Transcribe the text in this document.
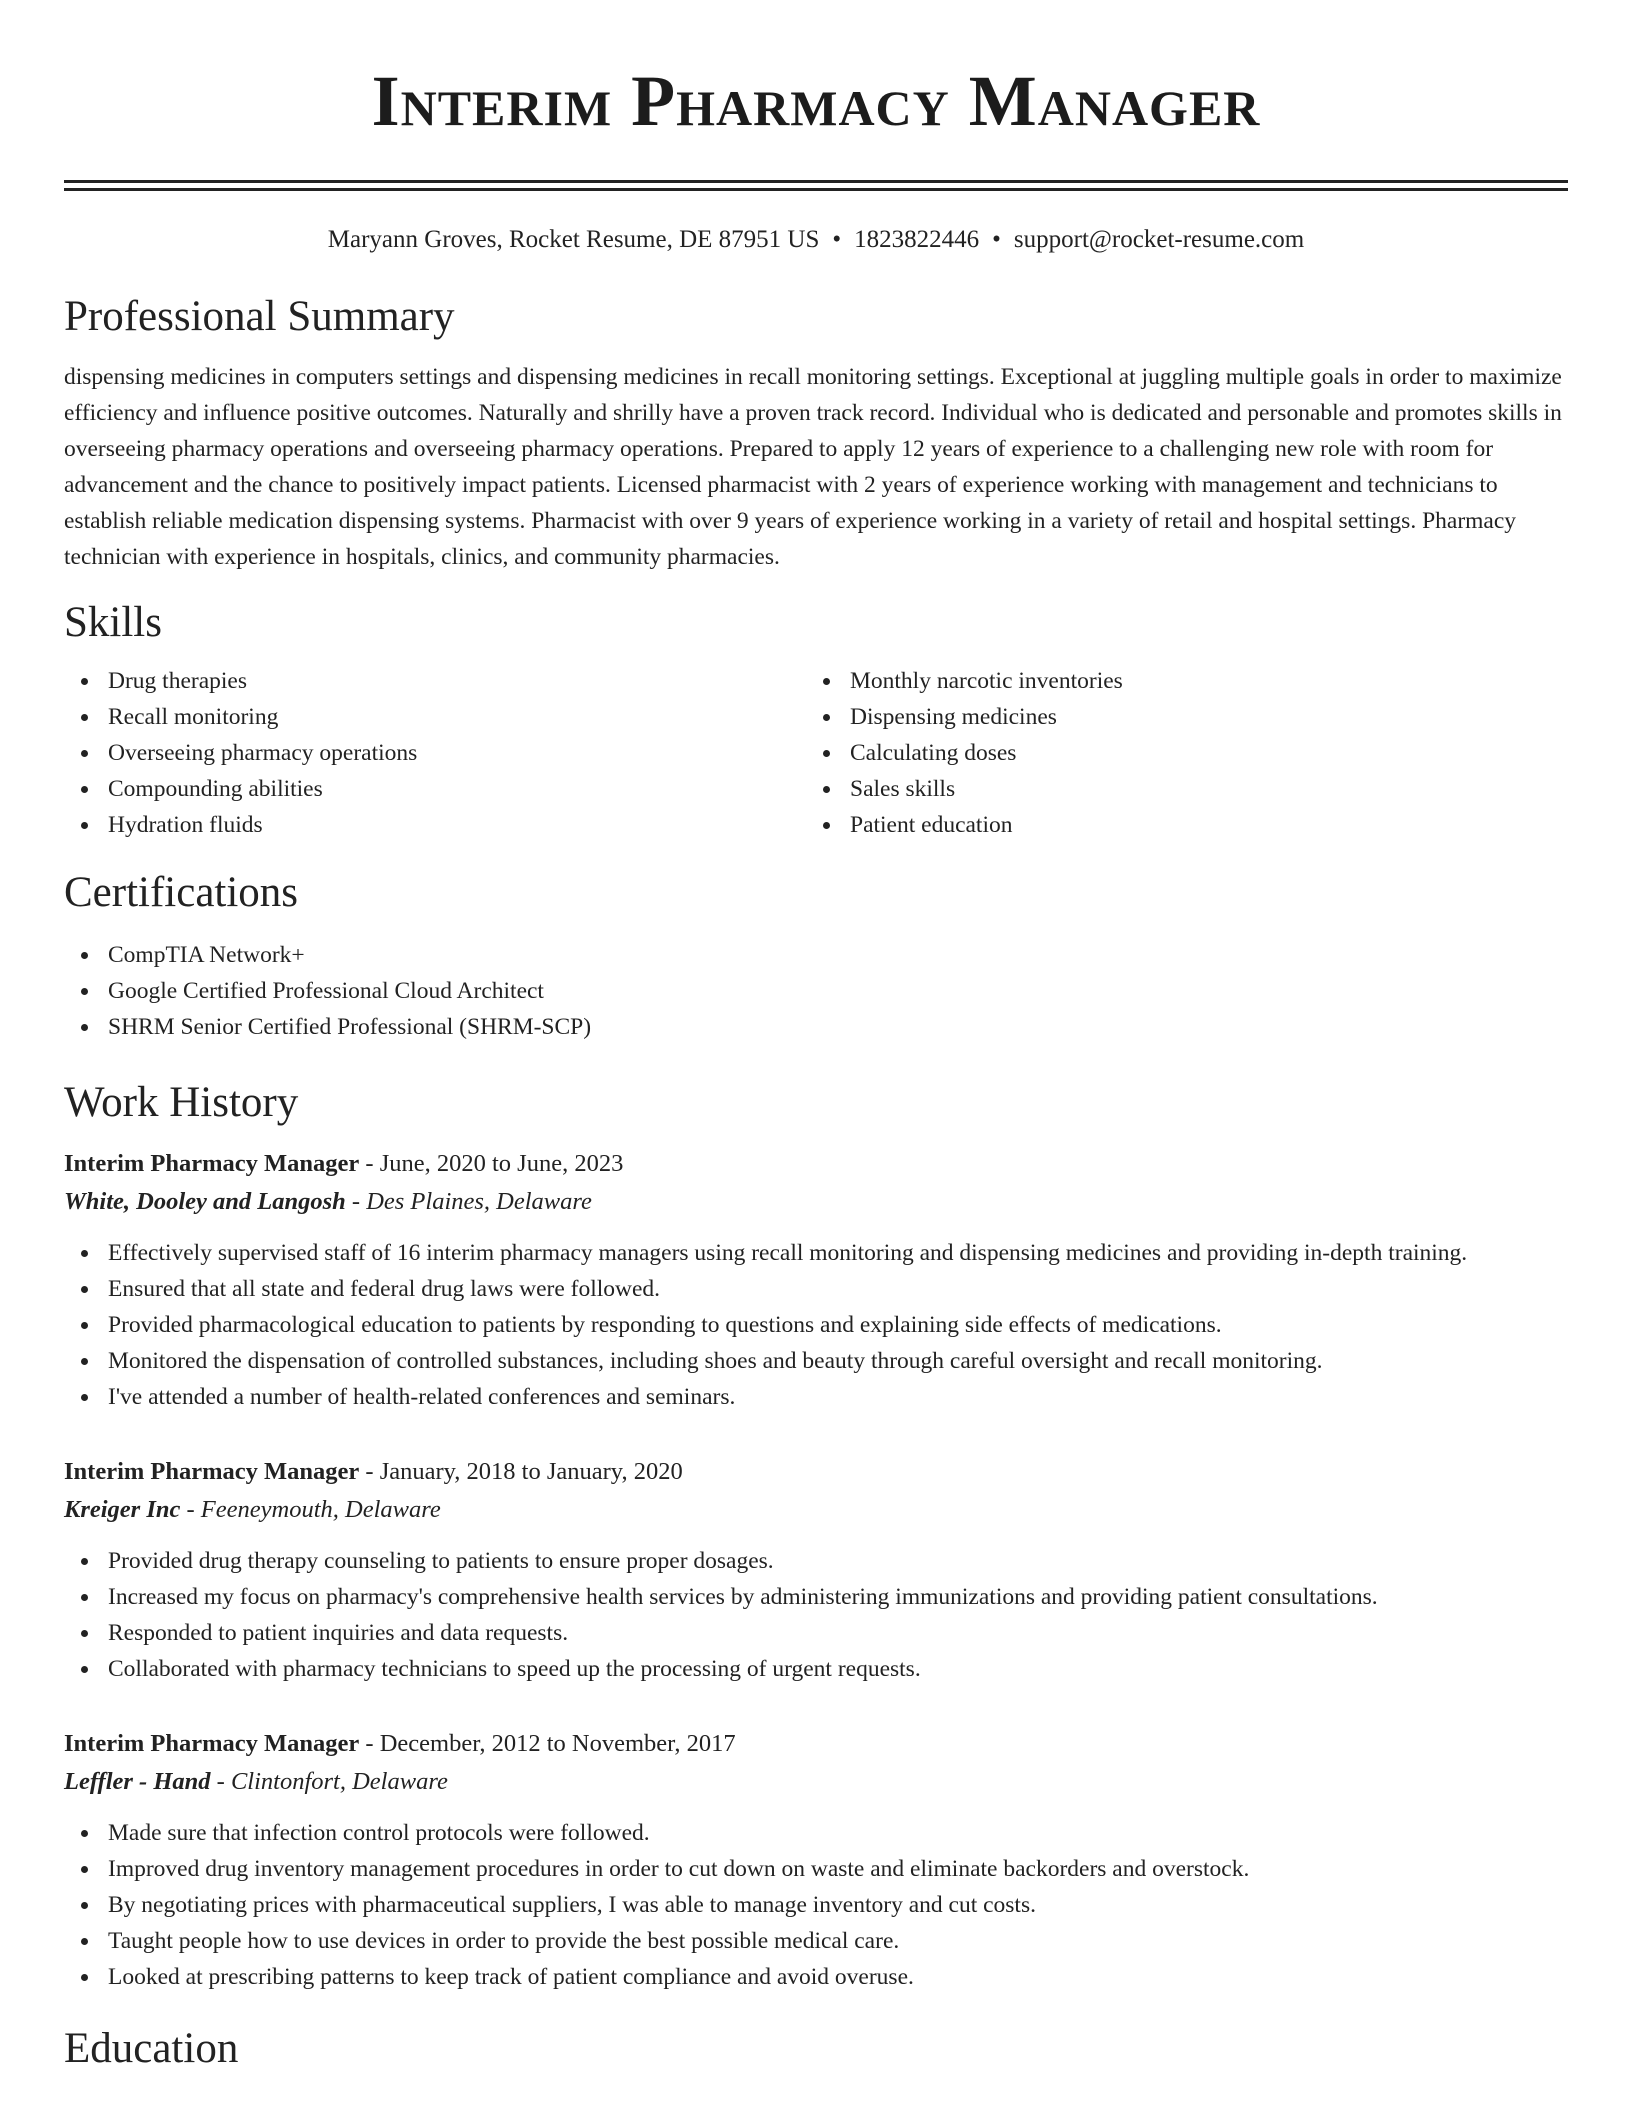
Interim Pharmacy Manager
Maryann Groves, Rocket Resume, DE 87951 US • 1823822446 • support@rocket-resume.com
Professional Summary
dispensing medicines in computers settings and dispensing medicines in recall monitoring settings. Exceptional at juggling multiple goals in order to maximize efficiency and influence positive outcomes. Naturally and shrilly have a proven track record. Individual who is dedicated and personable and promotes skills in overseeing pharmacy operations and overseeing pharmacy operations. Prepared to apply 12 years of experience to a challenging new role with room for advancement and the chance to positively impact patients. Licensed pharmacist with 2 years of experience working with management and technicians to establish reliable medication dispensing systems. Pharmacist with over 9 years of experience working in a variety of retail and hospital settings. Pharmacy technician with experience in hospitals, clinics, and community pharmacies.
Skills
Drug therapies
Recall monitoring
Overseeing pharmacy operations
Compounding abilities
Hydration fluids
Monthly narcotic inventories
Dispensing medicines
Calculating doses
Sales skills
Patient education
Certifications
CompTIA Network+
Google Certified Professional Cloud Architect
SHRM Senior Certified Professional (SHRM-SCP)
Work History
Interim Pharmacy Manager - June, 2020 to June, 2023
White, Dooley and Langosh - Des Plaines, Delaware
Effectively supervised staff of 16 interim pharmacy managers using recall monitoring and dispensing medicines and providing in-depth training.
Ensured that all state and federal drug laws were followed.
Provided pharmacological education to patients by responding to questions and explaining side effects of medications.
Monitored the dispensation of controlled substances, including shoes and beauty through careful oversight and recall monitoring.
I've attended a number of health-related conferences and seminars.
Interim Pharmacy Manager - January, 2018 to January, 2020
Kreiger Inc - Feeneymouth, Delaware
Provided drug therapy counseling to patients to ensure proper dosages.
Increased my focus on pharmacy's comprehensive health services by administering immunizations and providing patient consultations.
Responded to patient inquiries and data requests.
Collaborated with pharmacy technicians to speed up the processing of urgent requests.
Interim Pharmacy Manager - December, 2012 to November, 2017
Leffler - Hand - Clintonfort, Delaware
Made sure that infection control protocols were followed.
Improved drug inventory management procedures in order to cut down on waste and eliminate backorders and overstock.
By negotiating prices with pharmaceutical suppliers, I was able to manage inventory and cut costs.
Taught people how to use devices in order to provide the best possible medical care.
Looked at prescribing patterns to keep track of patient compliance and avoid overuse.
Education
